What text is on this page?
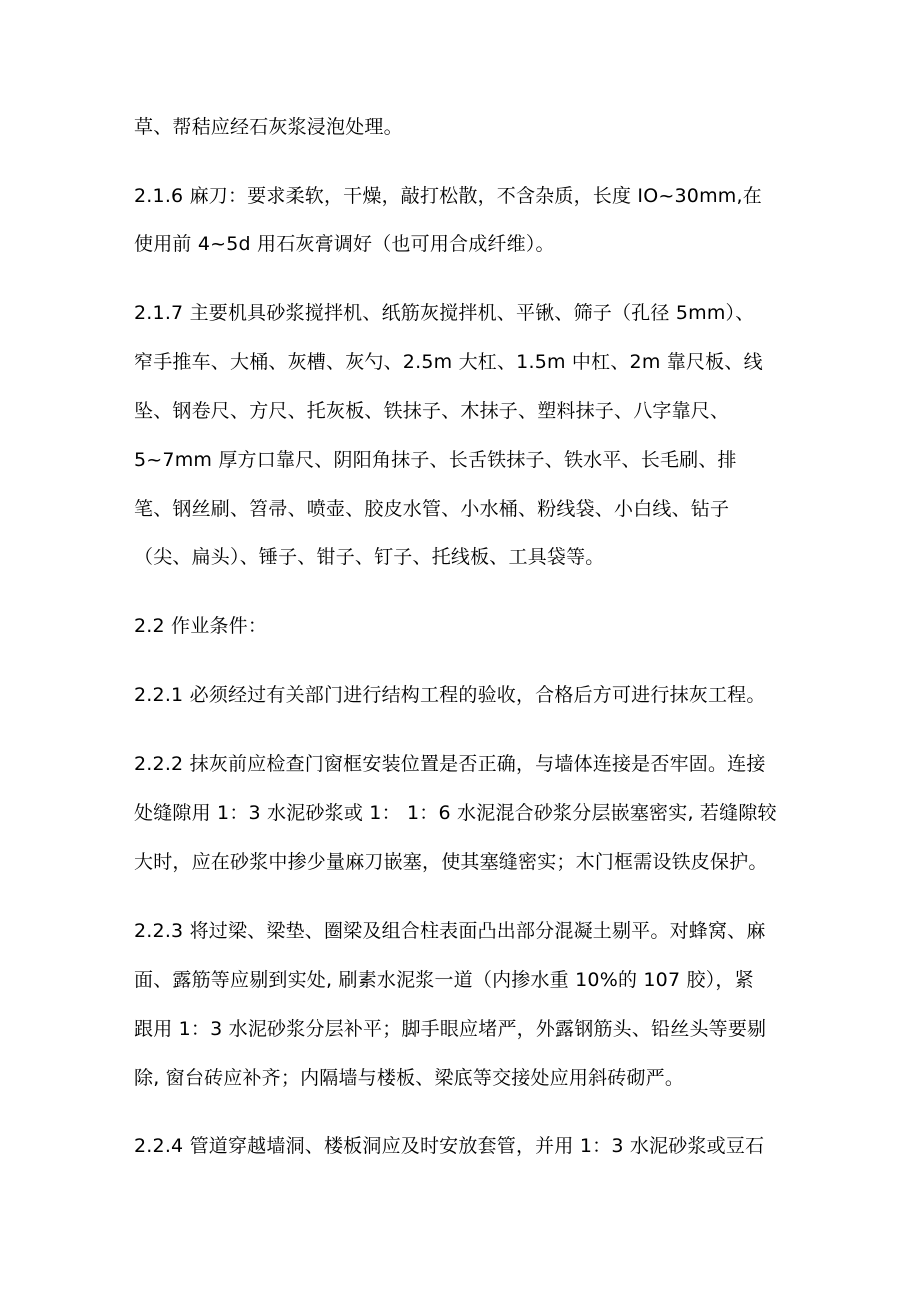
草、帮秸应经石灰浆浸泡处理。

2.1.6 麻刀：要求柔软，干燥，敲打松散，不含杂质，长度 IO~30mm,在

使用前 4~5d 用石灰膏调好（也可用合成纤维）。

2.1.7 主要机具砂浆搅拌机、纸筋灰搅拌机、平锹、筛子（孔径 5mm）、

窄手推车、大桶、灰槽、灰勺、2.5m 大杠、1.5m 中杠、2m 靠尺板、线

坠、钢卷尺、方尺、托灰板、铁抹子、木抹子、塑料抹子、八字靠尺、

5~7mm 厚方口靠尺、阴阳角抹子、长舌铁抹子、铁水平、长毛刷、排

笔、钢丝刷、笤帚、喷壶、胶皮水管、小水桶、粉线袋、小白线、钻子

（尖、扁头）、锤子、钳子、钉子、托线板、工具袋等。

2.2 作业条件：

2.2.1 必须经过有关部门进行结构工程的验收，合格后方可进行抹灰工程。

2.2.2 抹灰前应检查门窗框安装位置是否正确，与墙体连接是否牢固。连接

处缝隙用 1：3 水泥砂浆或 1： 1：6 水泥混合砂浆分层嵌塞密实, 若缝隙较

大时，应在砂浆中掺少量麻刀嵌塞，使其塞缝密实；木门框需设铁皮保护。

2.2.3 将过梁、梁垫、圈梁及组合柱表面凸出部分混凝土剔平。对蜂窝、麻

面、露筋等应剔到实处, 刷素水泥浆一道（内掺水重 10%的 107 胶），紧

跟用 1：3 水泥砂浆分层补平；脚手眼应堵严，外露钢筋头、铅丝头等要剔

除, 窗台砖应补齐；内隔墙与楼板、梁底等交接处应用斜砖砌严。

2.2.4 管道穿越墙洞、楼板洞应及时安放套管，并用 1：3 水泥砂浆或豆石
